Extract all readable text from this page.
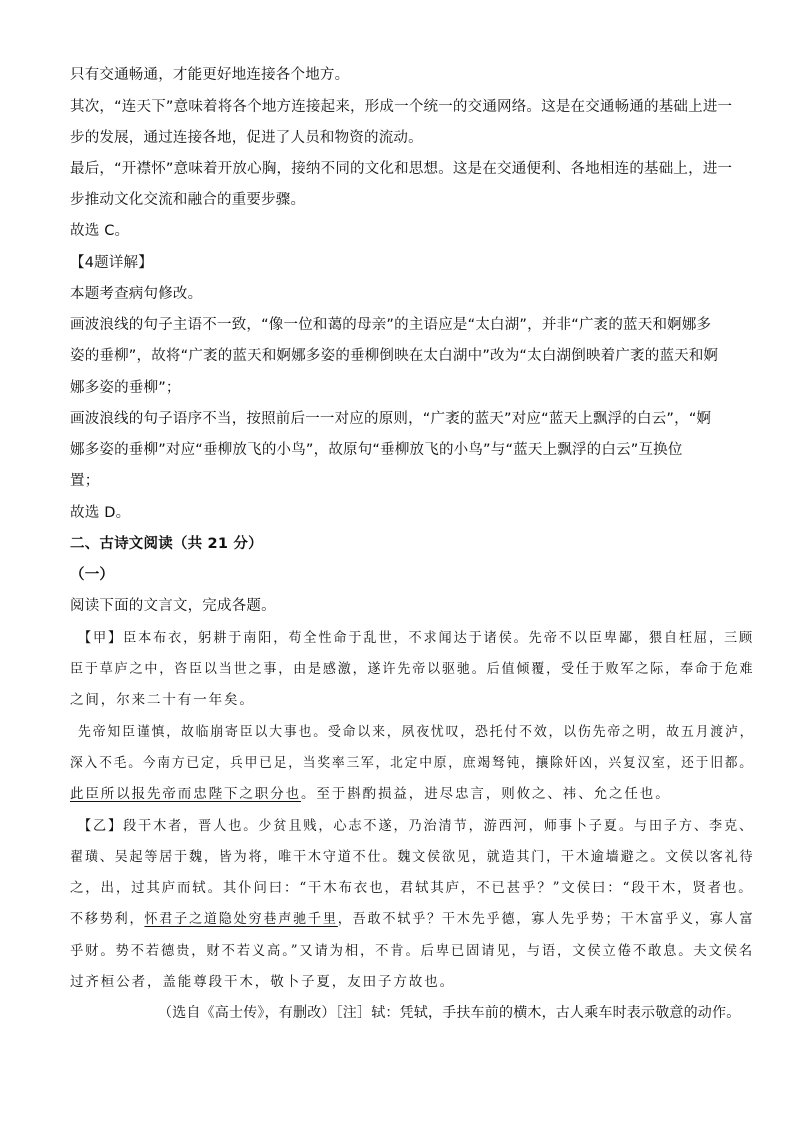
只有交通畅通，才能更好地连接各个地方。
其次，“连天下”意味着将各个地方连接起来，形成一个统一的交通网络。这是在交通畅通的基础上进一
步的发展，通过连接各地，促进了人员和物资的流动。
最后，“开襟怀”意味着开放心胸，接纳不同的文化和思想。这是在交通便利、各地相连的基础上，进一
步推动文化交流和融合的重要步骤。
故选 C。
【4题详解】
本题考查病句修改。
画波浪线的句子主语不一致，“像一位和蔼的母亲”的主语应是“太白湖”，并非“广袤的蓝天和婀娜多
姿的垂柳”，故将“广袤的蓝天和婀娜多姿的垂柳倒映在太白湖中”改为“太白湖倒映着广袤的蓝天和婀
娜多姿的垂柳”；
画波浪线的句子语序不当，按照前后一一对应的原则，“广袤的蓝天”对应“蓝天上飘浮的白云”，“婀
娜多姿的垂柳”对应“垂柳放飞的小鸟”，故原句“垂柳放飞的小鸟”与“蓝天上飘浮的白云”互换位
置；
故选 D。
二、古诗文阅读（共 21 分）
（一）
阅读下面的文言文，完成各题。
【甲】臣本布衣，躬耕于南阳，苟全性命于乱世，不求闻达于诸侯。先帝不以臣卑鄙，猥自枉屈，三顾
臣于草庐之中，咨臣以当世之事，由是感激，遂许先帝以驱驰。后值倾覆，受任于败军之际，奉命于危难
之间，尔来二十有一年矣。
先帝知臣谨慎，故临崩寄臣以大事也。受命以来，夙夜忧叹，恐托付不效，以伤先帝之明，故五月渡泸，
深入不毛。今南方已定，兵甲已足，当奖率三军，北定中原，庶竭驽钝，攘除奸凶，兴复汉室，还于旧都。
此臣所以报先帝而忠陛下之职分也。至于斟酌损益，进尽忠言，则攸之、祎、允之任也。
【乙】段干木者，晋人也。少贫且贱，心志不遂，乃治清节，游西河，师事卜子夏。与田子方、李克、
翟璜、吴起等居于魏，皆为将，唯干木守道不仕。魏文侯欲见，就造其门，干木逾墙避之。文侯以客礼待
之，出，过其庐而轼。其仆问曰：“干木布衣也，君轼其庐，不已甚乎？”文侯曰：“段干木，贤者也。
不移势利，怀君子之道隐处穷巷声驰千里，吾敢不轼乎？干木先乎德，寡人先乎势；干木富乎义，寡人富
乎财。势不若德贵，财不若义高。”又请为相，不肯。后卑已固请见，与语，文侯立倦不敢息。夫文侯名
过齐桓公者，盖能尊段干木，敬卜子夏，友田子方故也。
（选自《高士传》，有删改）［注］轼：凭轼，手扶车前的横木，古人乘车时表示敬意的动作。
